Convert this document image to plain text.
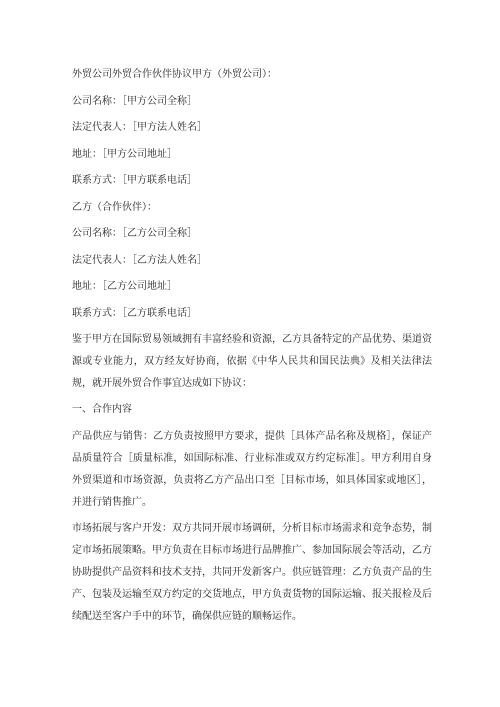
外贸公司外贸合作伙伴协议甲方（外贸公司）：
公司名称：［甲方公司全称］
法定代表人：［甲方法人姓名］
地址：［甲方公司地址］
联系方式：［甲方联系电话］
乙方（合作伙伴）：
公司名称：［乙方公司全称］
法定代表人：［乙方法人姓名］
地址：［乙方公司地址］
联系方式：［乙方联系电话］
鉴于甲方在国际贸易领域拥有丰富经验和资源，乙方具备特定的产品优势、渠道资源或专业能力，双方经友好协商，依据《中华人民共和国民法典》及相关法律法规，就开展外贸合作事宜达成如下协议：
一、合作内容
产品供应与销售：乙方负责按照甲方要求，提供［具体产品名称及规格］，保证产品质量符合［质量标准，如国际标准、行业标准或双方约定标准］。甲方利用自身外贸渠道和市场资源，负责将乙方产品出口至［目标市场，如具体国家或地区］，并进行销售推广。
市场拓展与客户开发：双方共同开展市场调研，分析目标市场需求和竞争态势，制定市场拓展策略。甲方负责在目标市场进行品牌推广、参加国际展会等活动，乙方协助提供产品资料和技术支持，共同开发新客户。供应链管理：乙方负责产品的生产、包装及运输至双方约定的交货地点，甲方负责货物的国际运输、报关报检及后续配送至客户手中的环节，确保供应链的顺畅运作。
